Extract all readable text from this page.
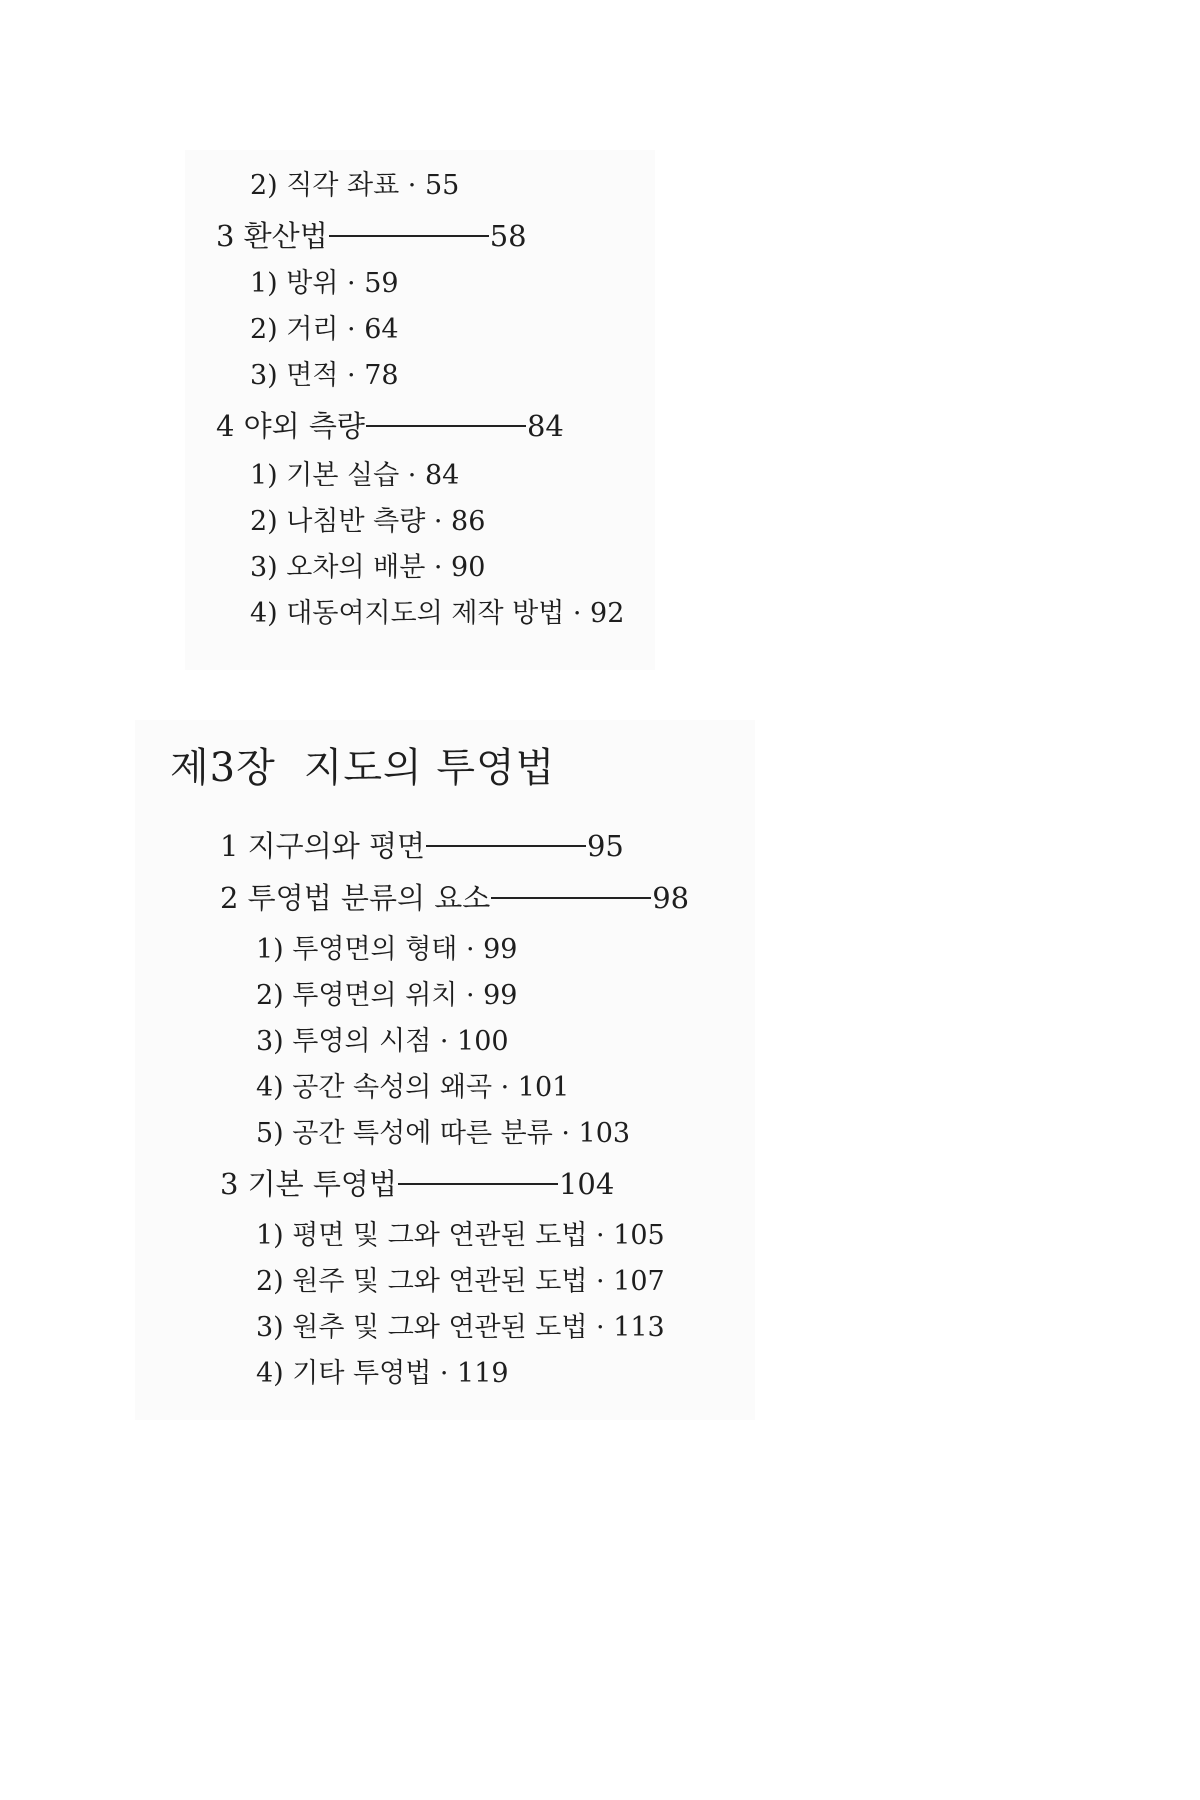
2) 직각 좌표 · 55
3 환산법	58
1) 방위 · 59
2) 거리 · 64
3) 면적 · 78
4 야외 측량	84
1) 기본 실습 · 84
2) 나침반 측량 · 86
3) 오차의 배분 · 90
4) 대동여지도의 제작 방법 · 92
제3장 지도의 투영법
1 지구의와 평면	95
2 투영법 분류의 요소	98
1) 투영면의 형태 · 99
2) 투영면의 위치 · 99
3) 투영의 시점 · 100
4) 공간 속성의 왜곡 · 101
5) 공간 특성에 따른 분류 · 103
3 기본 투영법	104
1) 평면 및 그와 연관된 도법 · 105
2) 원주 및 그와 연관된 도법 · 107
3) 원추 및 그와 연관된 도법 · 113
4) 기타 투영법 · 119
